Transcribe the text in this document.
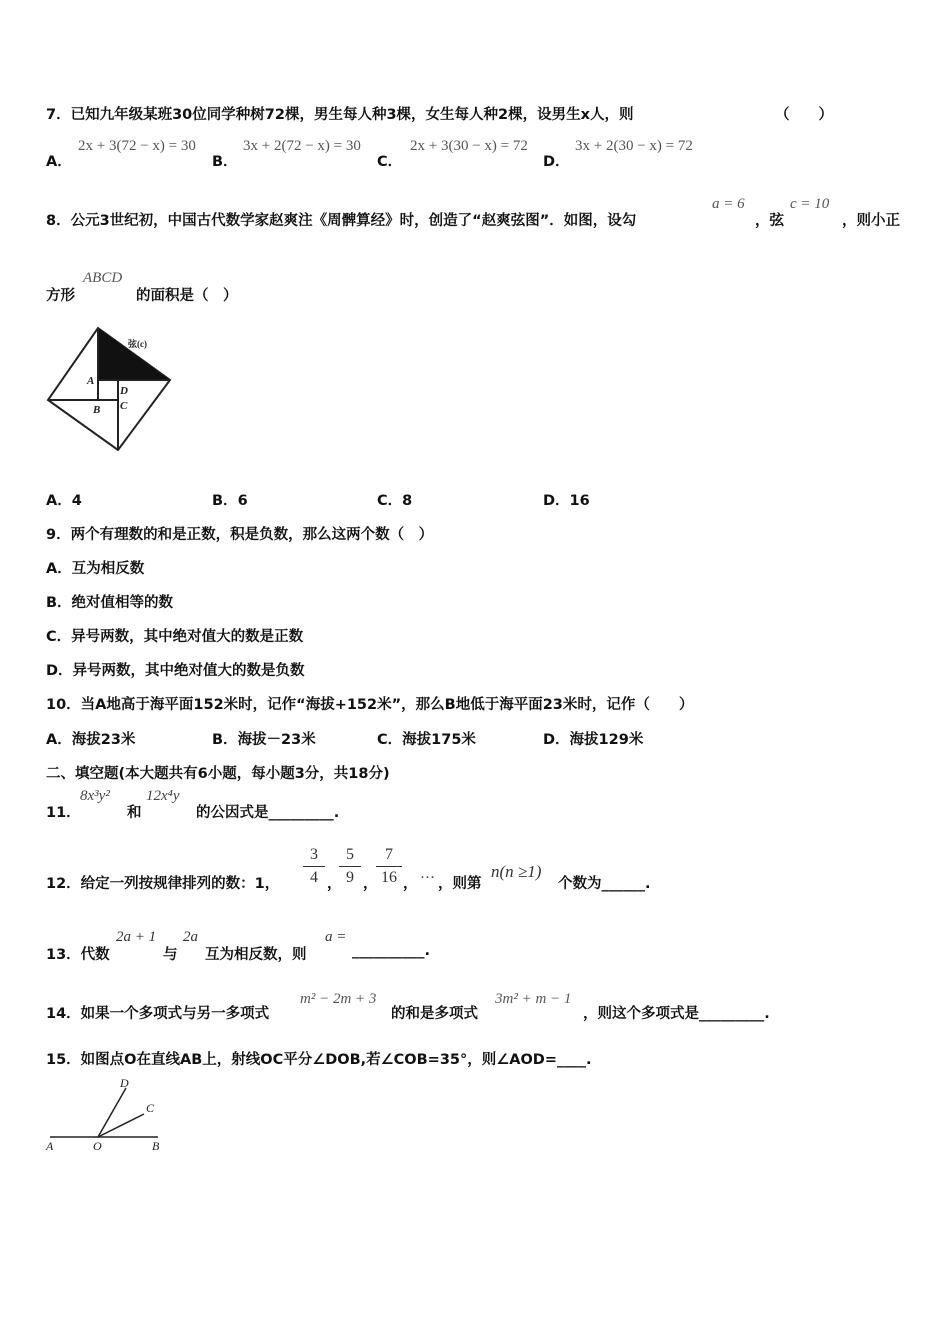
7．已知九年级某班30位同学种树72棵，男生每人种3棵，女生每人种2棵，设男生x人，则	（　　）
A．
2x + 3(72 − x) = 30
B．
3x + 2(72 − x) = 30
C．
2x + 3(30 − x) = 72
D．
3x + 2(30 − x) = 72
8．公元3世纪初，中国古代数学家赵爽注《周髀算经》时，创造了“赵爽弦图”．如图，设勾
a = 6
，弦
c = 10
，则小正
方形
ABCD
的面积是（　）
弦(c)
A
D
B C
A．4	B．6	C．8	D．16
9．两个有理数的和是正数，积是负数，那么这两个数（　）
A．互为相反数
B．绝对值相等的数
C．异号两数，其中绝对值大的数是正数
D．异号两数，其中绝对值大的数是负数
10．当A地高于海平面152米时，记作“海拔+152米”，那么B地低于海平面23米时，记作（　　）
A．海拔23米	B．海拔－23米	C．海拔175米	D．海拔129米
二、填空题(本大题共有6小题，每小题3分，共18分)
11．
8x³y²
和
12x⁴y
的公因式是_________.
12．给定一列按规律排列的数：1， $\frac{3}{4}$ ，
$\frac{5}{9}$ ，
$\frac{7}{16}$ ，
…
，则第
n(n ≥1)
个数为______.
13．代数
2a + 1
与
2a
互为相反数，则
a =
__________.
14．如果一个多项式与另一多项式
m² − 2m + 3
的和是多项式
3m² + m − 1
，则这个多项式是_________.
15．如图点O在直线AB上，射线OC平分∠DOB,若∠COB=35°，则∠AOD=____.
D
C
A	O	B
